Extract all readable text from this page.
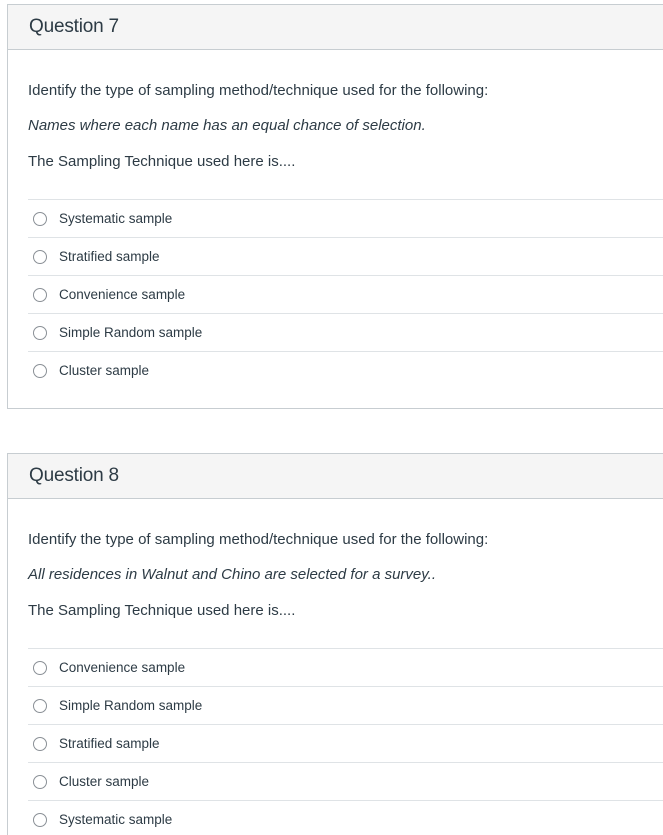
Question 7

Identify the type of sampling method/technique used for the following:

Names where each name has an equal chance of selection.

The Sampling Technique used here is....

Systematic sample
Stratified sample
Convenience sample
Simple Random sample
Cluster sample
Question 8

Identify the type of sampling method/technique used for the following:

All residences in Walnut and Chino are selected for a survey..

The Sampling Technique used here is....

Convenience sample
Simple Random sample
Stratified sample
Cluster sample
Systematic sample
